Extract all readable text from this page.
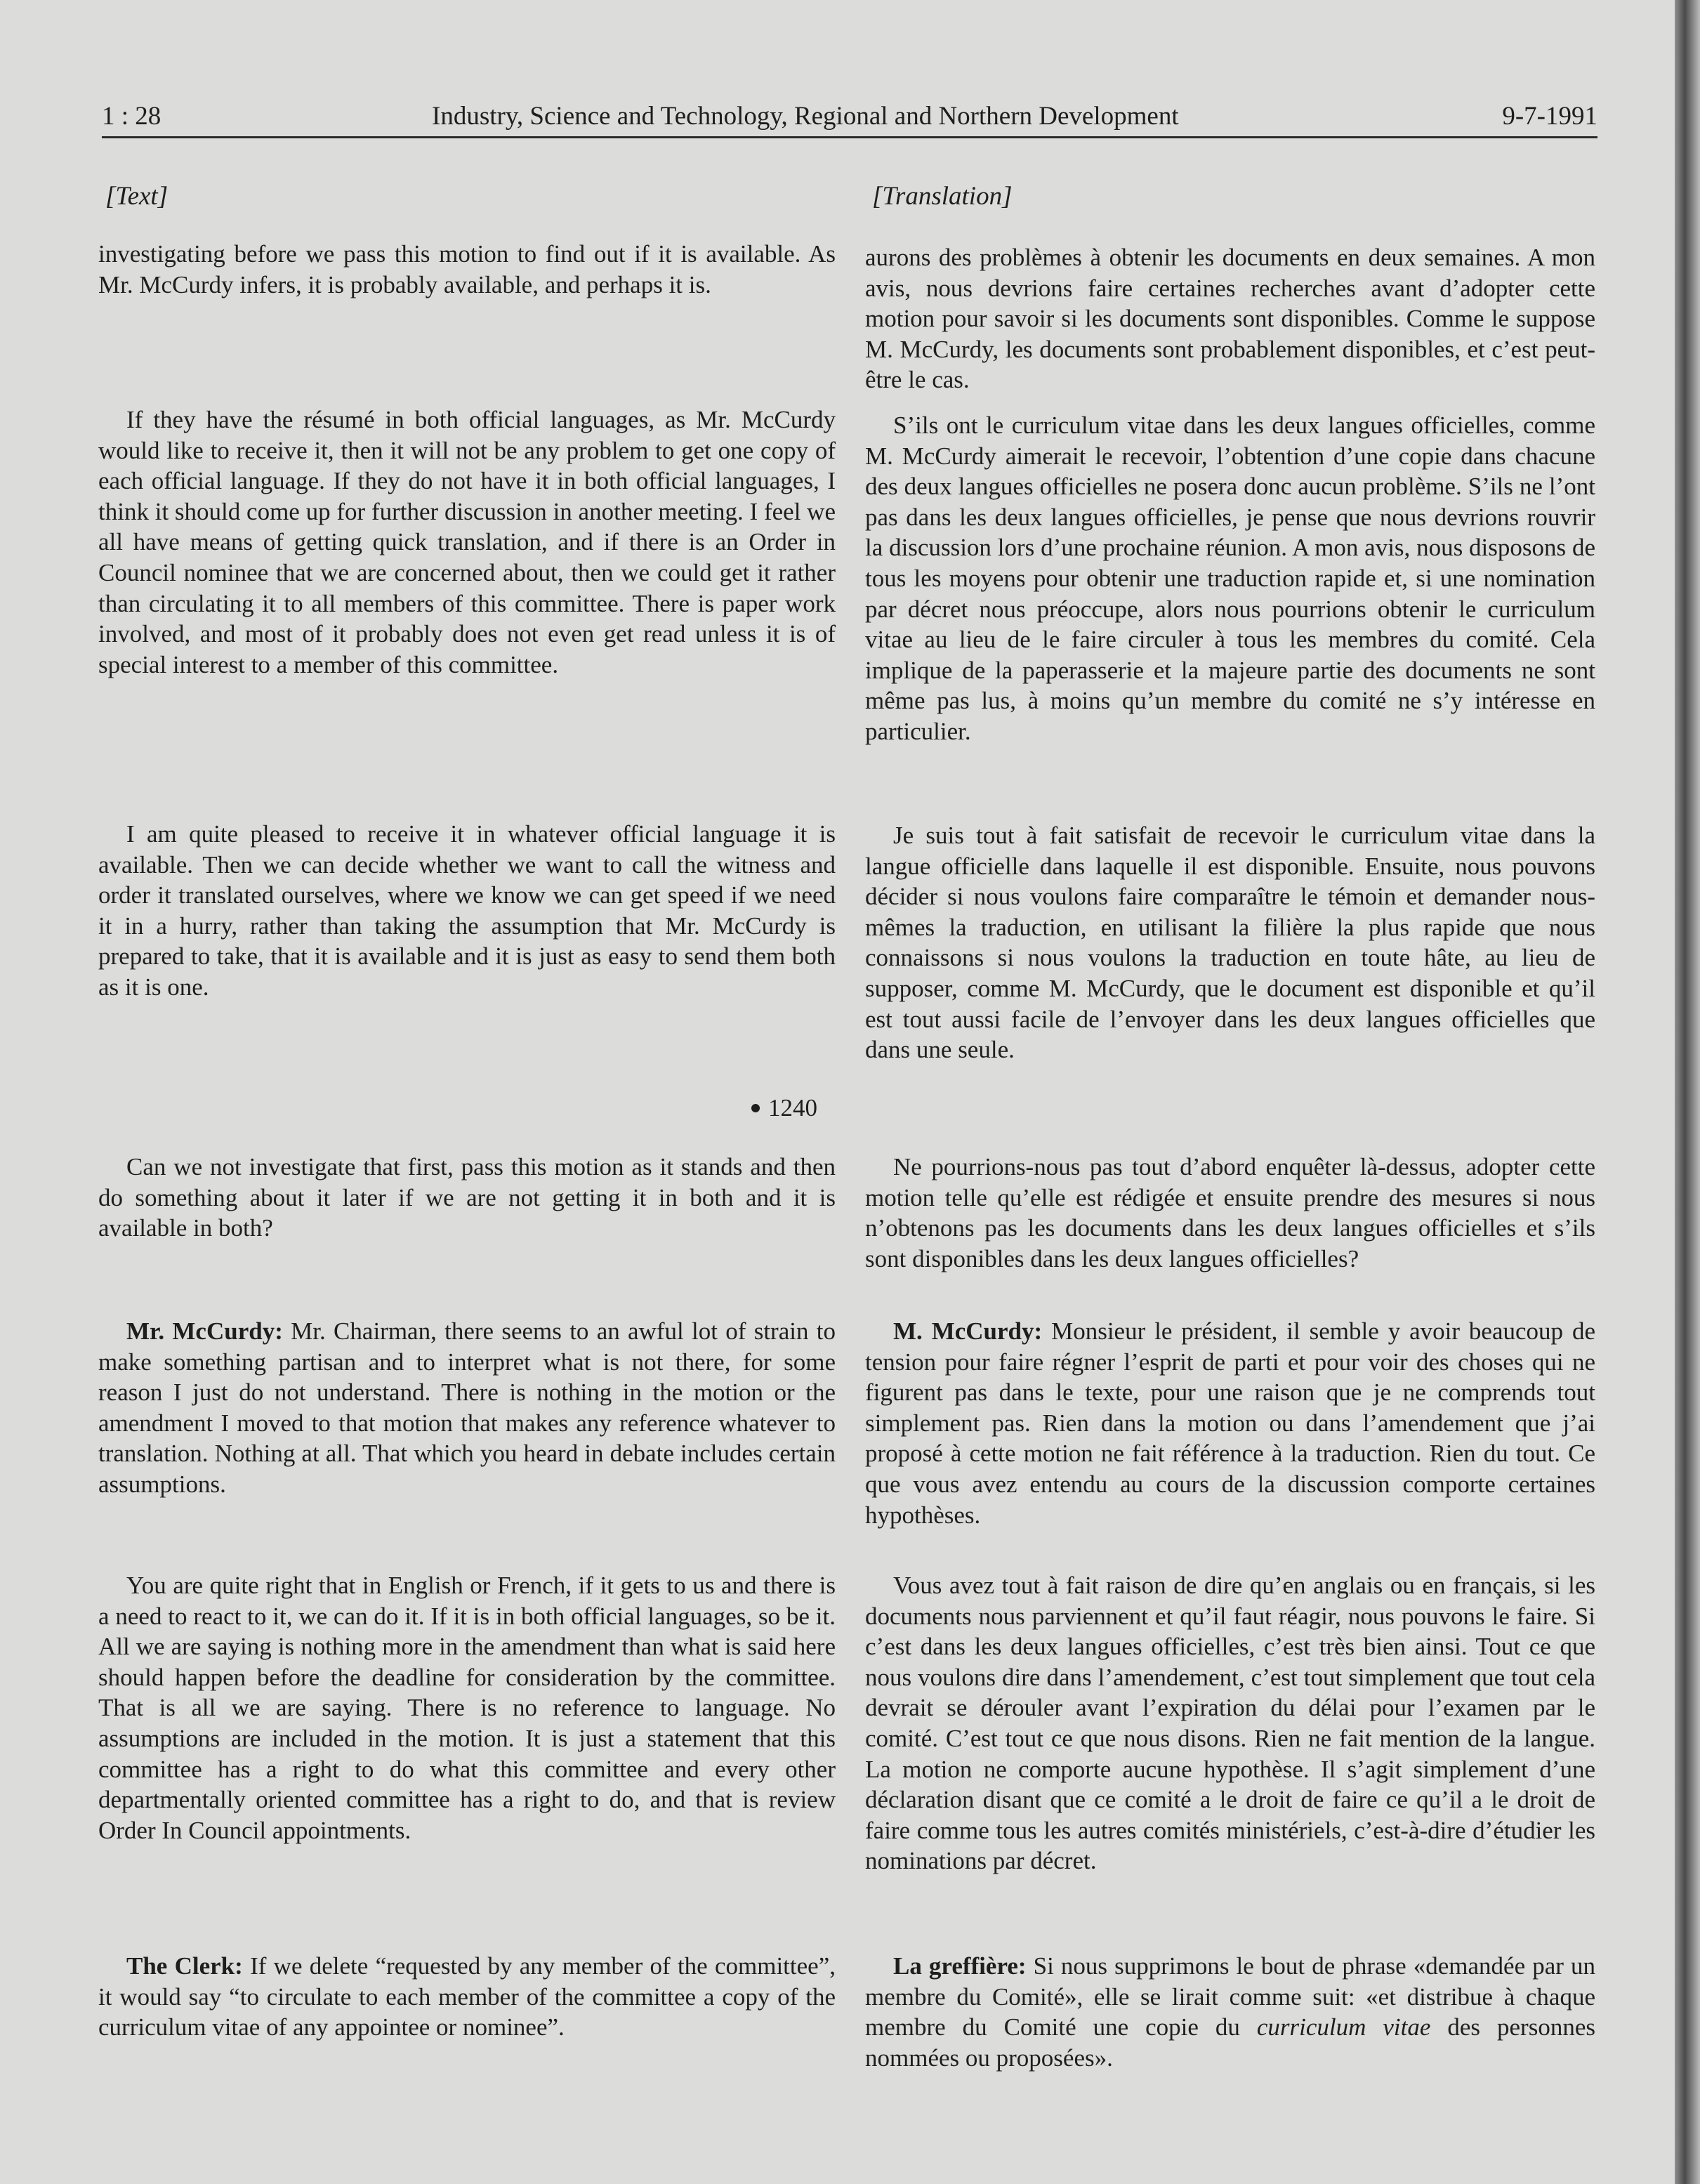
1 : 28	Industry, Science and Technology, Regional and Northern Development	9-7-1991
[Text]	[Translation]

investigating before we pass this motion to find out if it is available. As Mr. McCurdy infers, it is probably available, and perhaps it is.

If they have the résumé in both official languages, as Mr. McCurdy would like to receive it, then it will not be any problem to get one copy of each official language. If they do not have it in both official languages, I think it should come up for further discussion in another meeting. I feel we all have means of getting quick translation, and if there is an Order in Council nominee that we are concerned about, then we could get it rather than circulating it to all members of this committee. There is paper work involved, and most of it probably does not even get read unless it is of special interest to a member of this committee.

I am quite pleased to receive it in whatever official language it is available. Then we can decide whether we want to call the witness and order it translated ourselves, where we know we can get speed if we need it in a hurry, rather than taking the assumption that Mr. McCurdy is prepared to take, that it is available and it is just as easy to send them both as it is one.

1240

Can we not investigate that first, pass this motion as it stands and then do something about it later if we are not getting it in both and it is available in both?

Mr. McCurdy: Mr. Chairman, there seems to an awful lot of strain to make something partisan and to interpret what is not there, for some reason I just do not understand. There is nothing in the motion or the amendment I moved to that motion that makes any reference whatever to translation. Nothing at all. That which you heard in debate includes certain assumptions.

You are quite right that in English or French, if it gets to us and there is a need to react to it, we can do it. If it is in both official languages, so be it. All we are saying is nothing more in the amendment than what is said here should happen before the deadline for consideration by the committee. That is all we are saying. There is no reference to language. No assumptions are included in the motion. It is just a statement that this committee has a right to do what this committee and every other departmentally oriented committee has a right to do, and that is review Order In Council appointments.

The Clerk: If we delete “requested by any member of the committee”, it would say “to circulate to each member of the committee a copy of the curriculum vitae of any appointee or nominee”.

aurons des problèmes à obtenir les documents en deux semaines. A mon avis, nous devrions faire certaines recherches avant d’adopter cette motion pour savoir si les documents sont disponibles. Comme le suppose M. McCurdy, les documents sont probablement disponibles, et c’est peut-être le cas.

S’ils ont le curriculum vitae dans les deux langues officielles, comme M. McCurdy aimerait le recevoir, l’obtention d’une copie dans chacune des deux langues officielles ne posera donc aucun problème. S’ils ne l’ont pas dans les deux langues officielles, je pense que nous devrions rouvrir la discussion lors d’une prochaine réunion. A mon avis, nous disposons de tous les moyens pour obtenir une traduction rapide et, si une nomination par décret nous préoccupe, alors nous pourrions obtenir le curriculum vitae au lieu de le faire circuler à tous les membres du comité. Cela implique de la paperasserie et la majeure partie des documents ne sont même pas lus, à moins qu’un membre du comité ne s’y intéresse en particulier.

Je suis tout à fait satisfait de recevoir le curriculum vitae dans la langue officielle dans laquelle il est disponible. Ensuite, nous pouvons décider si nous voulons faire comparaître le témoin et demander nous-mêmes la traduction, en utilisant la filière la plus rapide que nous connaissons si nous voulons la traduction en toute hâte, au lieu de supposer, comme M. McCurdy, que le document est disponible et qu’il est tout aussi facile de l’envoyer dans les deux langues officielles que dans une seule.

Ne pourrions-nous pas tout d’abord enquêter là-dessus, adopter cette motion telle qu’elle est rédigée et ensuite prendre des mesures si nous n’obtenons pas les documents dans les deux langues officielles et s’ils sont disponibles dans les deux langues officielles?

M. McCurdy: Monsieur le président, il semble y avoir beaucoup de tension pour faire régner l’esprit de parti et pour voir des choses qui ne figurent pas dans le texte, pour une raison que je ne comprends tout simplement pas. Rien dans la motion ou dans l’amendement que j’ai proposé à cette motion ne fait référence à la traduction. Rien du tout. Ce que vous avez entendu au cours de la discussion comporte certaines hypothèses.

Vous avez tout à fait raison de dire qu’en anglais ou en français, si les documents nous parviennent et qu’il faut réagir, nous pouvons le faire. Si c’est dans les deux langues officielles, c’est très bien ainsi. Tout ce que nous voulons dire dans l’amendement, c’est tout simplement que tout cela devrait se dérouler avant l’expiration du délai pour l’examen par le comité. C’est tout ce que nous disons. Rien ne fait mention de la langue. La motion ne comporte aucune hypothèse. Il s’agit simplement d’une déclaration disant que ce comité a le droit de faire ce qu’il a le droit de faire comme tous les autres comités ministériels, c’est-à-dire d’étudier les nominations par décret.

La greffière: Si nous supprimons le bout de phrase «demandée par un membre du Comité», elle se lirait comme suit: «et distribue à chaque membre du Comité une copie du curriculum vitae des personnes nommées ou proposées».
